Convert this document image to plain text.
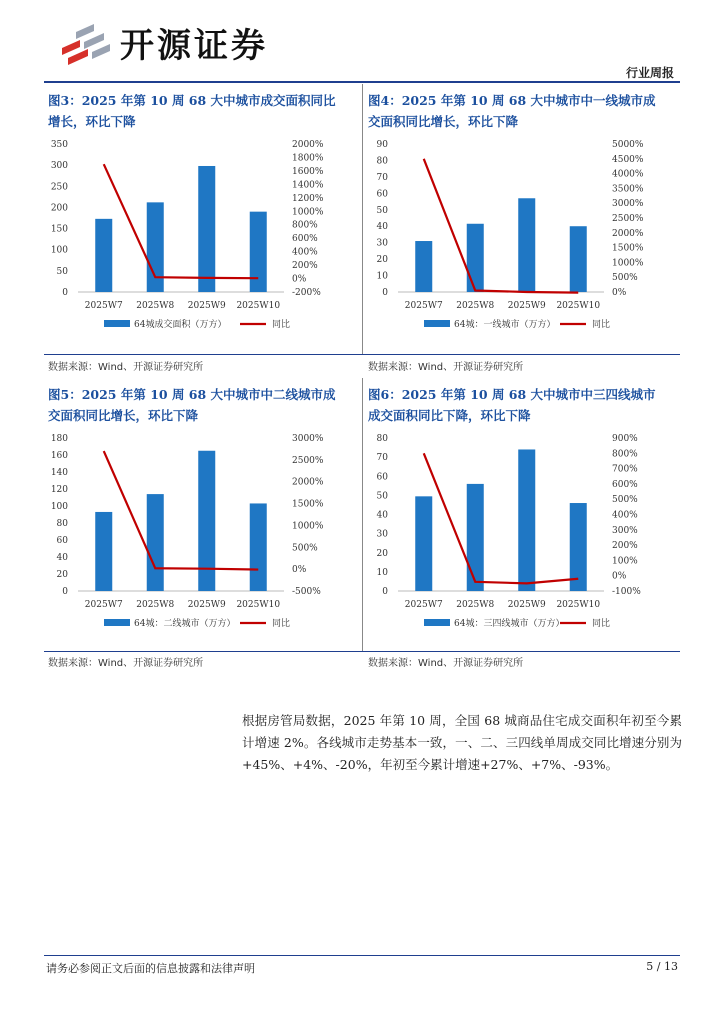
开源证券
行业周报
图3：2025 年第 10 周 68 大中城市成交面积同比增长，环比下降
0
50
100
150
200
250
300
350
-200%
0%
200%
400%
600%
800%
1000%
1200%
1400%
1600%
1800%
2000%
2025W7 2025W8 2025W9 2025W10
64城成交面积（万方）	同比
数据来源：Wind、开源证券研究所
图4：2025 年第 10 周 68 大中城市中一线城市成交面积同比增长，环比下降
0
10
20
30
40
50
60
70
80
90
0%
500%
1000%
1500%
2000%
2500%
3000%
3500%
4000%
4500%
5000%
2025W7 2025W8 2025W9 2025W10
64城：一线城市（万方）	同比
数据来源：Wind、开源证券研究所
图5：2025 年第 10 周 68 大中城市中二线城市成交面积同比增长，环比下降
0
20
40
60
80
100
120
140
160
180
-500%
0%
500%
1000%
1500%
2000%
2500%
3000%
2025W7 2025W8 2025W9 2025W10
64城：二线城市（万方）	同比
数据来源：Wind、开源证券研究所
图6：2025 年第 10 周 68 大中城市中三四线城市成交面积同比下降，环比下降
0
10
20
30
40
50
60
70
80
-100%
0%
100%
200%
300%
400%
500%
600%
700%
800%
900%
2025W7 2025W8 2025W9 2025W10
64城：三四线城市（万方）	同比
数据来源：Wind、开源证券研究所
根据房管局数据，2025 年第 10 周，全国 68 城商品住宅成交面积年初至今累计增速 2%。各线城市走势基本一致，一、二、三四线单周成交同比增速分别为+45%、+4%、-20%，年初至今累计增速+27%、+7%、-93%。
请务必参阅正文后面的信息披露和法律声明	5 / 13
